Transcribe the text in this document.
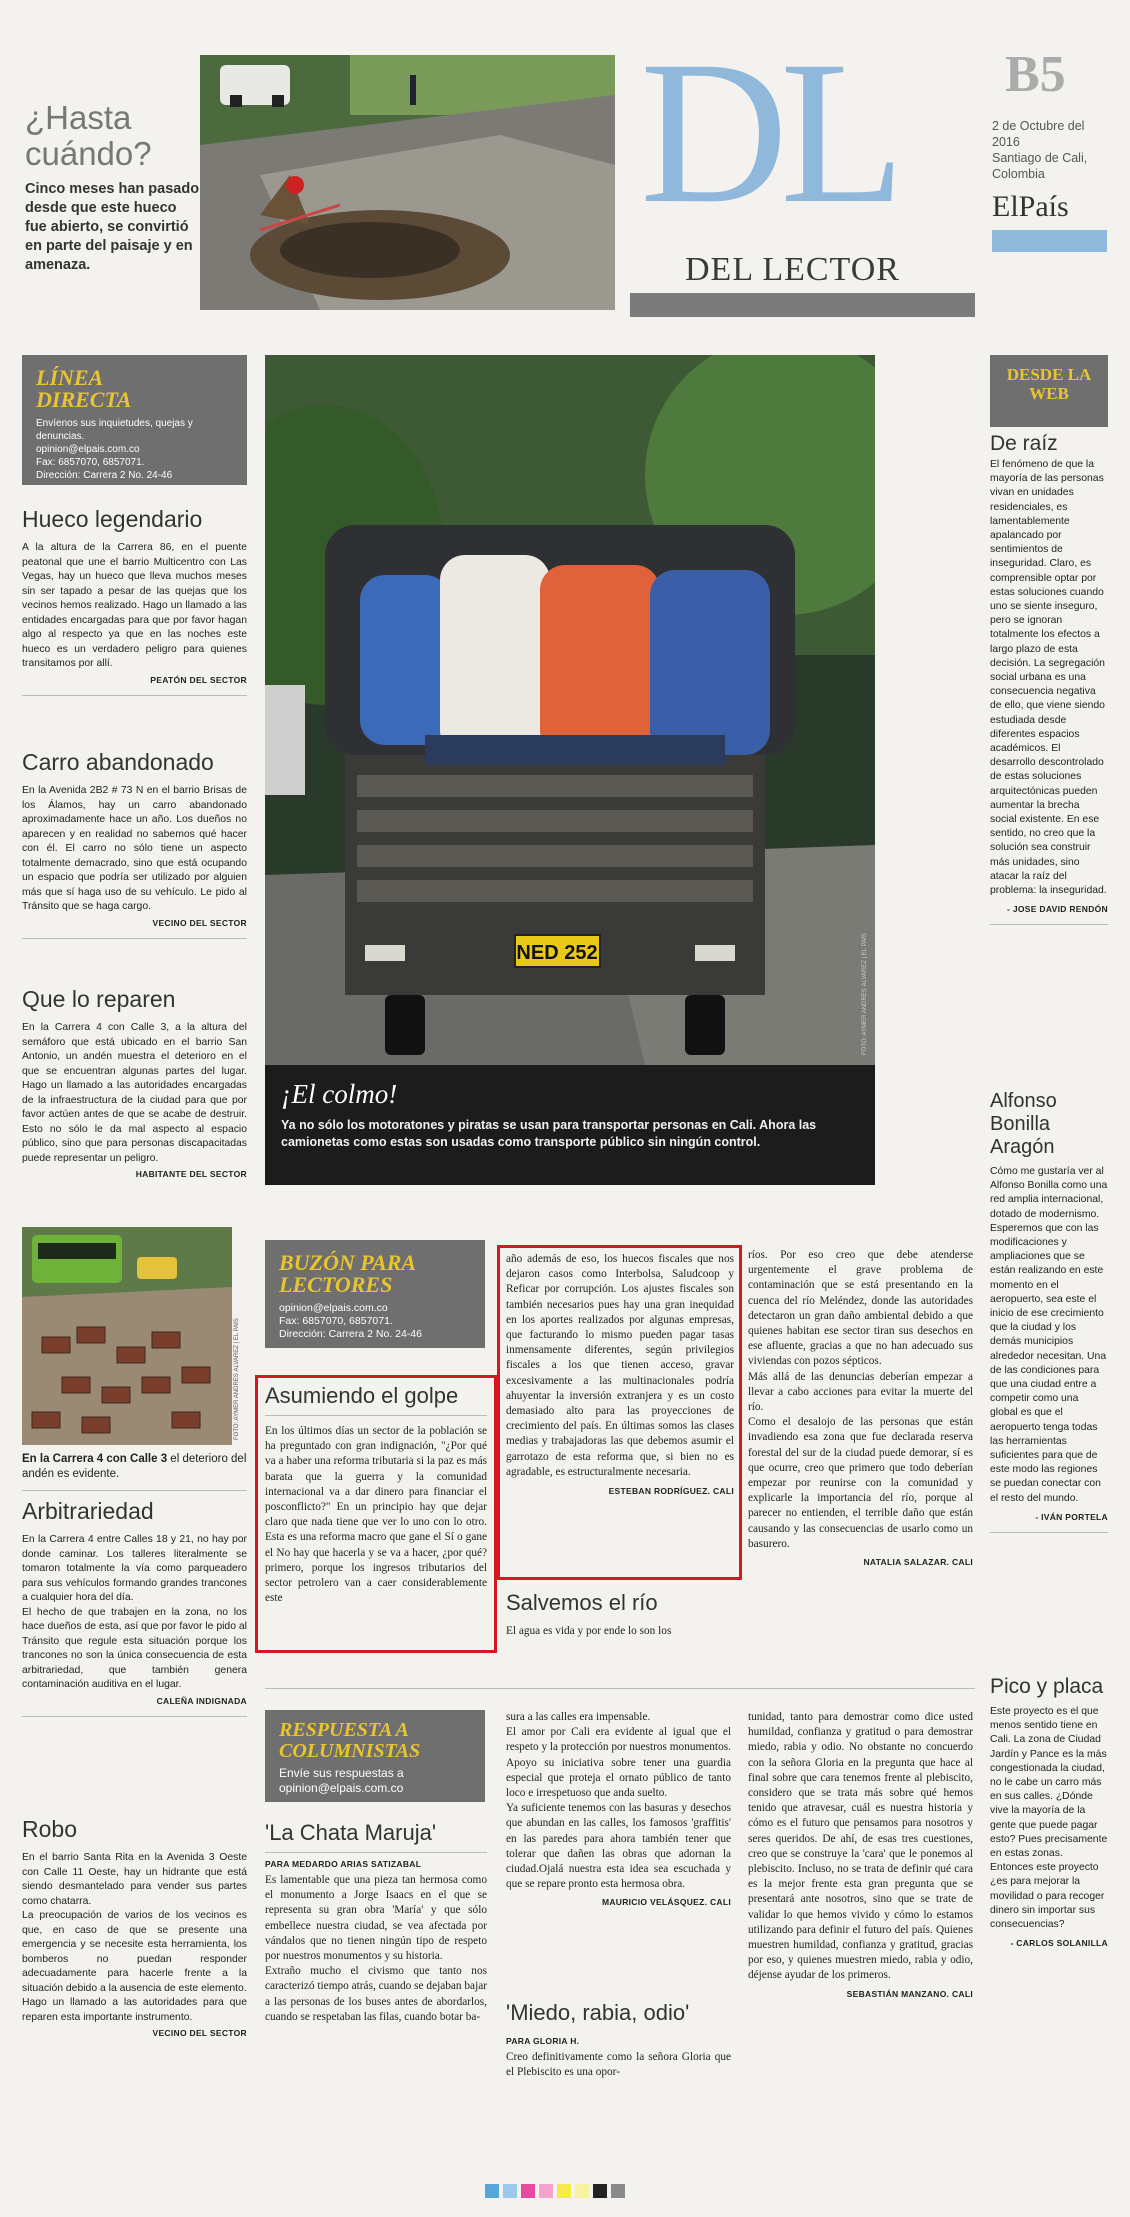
¿Hasta cuándo?
Cinco meses han pasado desde que este hueco fue abierto, se convirtió en parte del paisaje y en amenaza.
DL
DEL LECTOR
B5
2 de Octubre del 2016
Santiago de Cali, Colombia
ElPaís
LÍNEA DIRECTA
Envíenos sus inquietudes, quejas y denuncias.
opinion@elpais.com.co
Fax: 6857070, 6857071.
Dirección: Carrera 2 No. 24-46
Hueco legendario
A la altura de la Carrera 86, en el puente peatonal que une el barrio Multicentro con Las Vegas, hay un hueco que lleva muchos meses sin ser tapado a pesar de las quejas que los vecinos hemos realizado. Hago un llamado a las entidades encargadas para que por favor hagan algo al respecto ya que en las noches este hueco es un verdadero peligro para quienes transitamos por allí.
PEATÓN DEL SECTOR
Carro abandonado
En la Avenida 2B2 # 73 N en el barrio Brisas de los Álamos, hay un carro abandonado aproximadamente hace un año. Los dueños no aparecen y en realidad no sabemos qué hacer con él. El carro no sólo tiene un aspecto totalmente demacrado, sino que está ocupando un espacio que podría ser utilizado por alguien más que sí haga uso de su vehículo. Le pido al Tránsito que se haga cargo.
VECINO DEL SECTOR
Que lo reparen
En la Carrera 4 con Calle 3, a la altura del semáforo que está ubicado en el barrio San Antonio, un andén muestra el deterioro en el que se encuentran algunas partes del lugar. Hago un llamado a las autoridades encargadas de la infraestructura de la ciudad para que por favor actúen antes de que se acabe de destruir. Esto no sólo le da mal aspecto al espacio público, sino que para personas discapacitadas puede representar un peligro.
HABITANTE DEL SECTOR
FOTO: AYMER ANDRÉS ÁLVAREZ | EL PAÍS
En la Carrera 4 con Calle 3 el deterioro del andén es evidente.
Arbitrariedad
En la Carrera 4 entre Calles 18 y 21, no hay por donde caminar. Los talleres literalmente se tomaron totalmente la vía como parqueadero para sus vehículos formando grandes trancones a cualquier hora del día.
El hecho de que trabajen en la zona, no los hace dueños de esta, así que por favor le pido al Tránsito que regule esta situación porque los trancones no son la única consecuencia de esta arbitrariedad, que también genera contaminación auditiva en el lugar.
CALEÑA INDIGNADA
Robo
En el barrio Santa Rita en la Avenida 3 Oeste con Calle 11 Oeste, hay un hidrante que está siendo desmantelado para vender sus partes como chatarra.
La preocupación de varios de los vecinos es que, en caso de que se presente una emergencia y se necesite esta herramienta, los bomberos no puedan responder adecuadamente para hacerle frente a la situación debido a la ausencia de este elemento.
Hago un llamado a las autoridades para que reparen esta importante instrumento.
VECINO DEL SECTOR
NED 252	FOTO: AYMER ANDRÉS ÁLVAREZ | EL PAÍS
¡El colmo!
Ya no sólo los motoratones y piratas se usan para transportar personas en Cali. Ahora las camionetas como estas son usadas como transporte público sin ningún control.
BUZÓN PARA LECTORES
opinion@elpais.com.co
Fax: 6857070, 6857071.
Dirección: Carrera 2 No. 24-46
Asumiendo el golpe
En los últimos días un sector de la población se ha preguntado con gran indignación, "¿Por qué va a haber una reforma tributaria si la paz es más barata que la guerra y la comunidad internacional va a dar dinero para financiar el posconflicto?" En un principio hay que dejar claro que nada tiene que ver lo uno con lo otro. Esta es una reforma macro que gane el Sí o gane el No hay que hacerla y se va a hacer, ¿por qué? primero, porque los ingresos tributarios del sector petrolero van a caer considerablemente este
año además de eso, los huecos fiscales que nos dejaron casos como Interbolsa, Saludcoop y Reficar por corrupción. Los ajustes fiscales son también necesarios pues hay una gran inequidad en los aportes realizados por algunas empresas, que facturando lo mismo pueden pagar tasas inmensamente diferentes, según privilegios fiscales a los que tienen acceso, gravar excesivamente a las multinacionales podría ahuyentar la inversión extranjera y es un costo demasiado alto para las proyecciones de crecimiento del país. En últimas somos las clases medias y trabajadoras las que debemos asumir el garrotazo de esta reforma que, si bien no es agradable, es estructuralmente necesaria.
ESTEBAN RODRÍGUEZ. CALI
Salvemos el río
El agua es vida y por ende lo son los
ríos. Por eso creo que debe atenderse urgentemente el grave problema de contaminación que se está presentando en la cuenca del río Meléndez, donde las autoridades detectaron un gran daño ambiental debido a que quienes habitan ese sector tiran sus desechos en ese afluente, gracias a que no han adecuado sus viviendas con pozos sépticos.
Más allá de las denuncias deberían empezar a llevar a cabo acciones para evitar la muerte del río.
Como el desalojo de las personas que están invadiendo esa zona que fue declarada reserva forestal del sur de la ciudad puede demorar, sí es que ocurre, creo que primero que todo deberían empezar por reunirse con la comunidad y explicarle la importancia del río, porque al parecer no entienden, el terrible daño que están causando y las consecuencias de usarlo como un basurero.
NATALIA SALAZAR. CALI
RESPUESTA A COLUMNISTAS
Envíe sus respuestas a
opinion@elpais.com.co
'La Chata Maruja'
PARA MEDARDO ARIAS SATIZABAL
Es lamentable que una pieza tan hermosa como el monumento a Jorge Isaacs en el que se representa su gran obra 'María' y que sólo embellece nuestra ciudad, se vea afectada por vándalos que no tienen ningún tipo de respeto por nuestros monumentos y su historia.
Extraño mucho el civismo que tanto nos caracterizó tiempo atrás, cuando se dejaban bajar a las personas de los buses antes de abordarlos, cuando se respetaban las filas, cuando botar ba-
sura a las calles era impensable.
El amor por Cali era evidente al igual que el respeto y la protección por nuestros monumentos.
Apoyo su iniciativa sobre tener una guardia especial que proteja el ornato público de tanto loco e irrespetuoso que anda suelto.
Ya suficiente tenemos con las basuras y desechos que abundan en las calles, los famosos 'graffitis' en las paredes para ahora también tener que tolerar que dañen las obras que adornan la ciudad.Ojalá nuestra esta idea sea escuchada y que se repare pronto esta hermosa obra.
MAURICIO VELÁSQUEZ. CALI
'Miedo, rabia, odio'
PARA GLORIA H.
Creo definitivamente como la señora Gloria que el Plebiscito es una opor-
tunidad, tanto para demostrar como dice usted humildad, confianza y gratitud o para demostrar miedo, rabia y odio. No obstante no concuerdo con la señora Gloria en la pregunta que hace al final sobre que cara tenemos frente al plebiscito, considero que se trata más sobre qué hemos tenido que atravesar, cuál es nuestra historia y cómo es el futuro que pensamos para nosotros y seres queridos. De ahí, de esas tres cuestiones, creo que se construye la 'cara' que le ponemos al plebiscito. Incluso, no se trata de definir qué cara es la mejor frente esta gran pregunta que se presentará ante nosotros, sino que se trate de validar lo que hemos vivido y cómo lo estamos utilizando para definir el futuro del país. Quienes muestren humildad, confianza y gratitud, gracias por eso, y quienes muestren miedo, rabia y odio, déjense ayudar de los primeros.
SEBASTIÁN MANZANO. CALI
DESDE LA WEB
De raíz
El fenómeno de que la mayoría de las personas vivan en unidades residenciales, es lamentablemente apalancado por sentimientos de inseguridad. Claro, es comprensible optar por estas soluciones cuando uno se siente inseguro, pero se ignoran totalmente los efectos a largo plazo de esta decisión. La segregación social urbana es una consecuencia negativa de ello, que viene siendo estudiada desde diferentes espacios académicos. El desarrollo descontrolado de estas soluciones arquitectónicas pueden aumentar la brecha social existente. En ese sentido, no creo que la solución sea construir más unidades, sino atacar la raíz del problema: la inseguridad.
- JOSE DAVID RENDÓN
Alfonso Bonilla Aragón
Cómo me gustaría ver al Alfonso Bonilla como una red amplia internacional, dotado de modernismo. Esperemos que con las modificaciones y ampliaciones que se están realizando en este momento en el aeropuerto, sea este el inicio de ese crecimiento que la ciudad y los demás municipios alrededor necesitan. Una de las condiciones para que una ciudad entre a competir como una global es que el aeropuerto tenga todas las herramientas suficientes para que de este modo las regiones se puedan conectar con el resto del mundo.
- IVÁN PORTELA
Pico y placa
Este proyecto es el que menos sentido tiene en Cali. La zona de Ciudad Jardín y Pance es la más congestionada la ciudad, no le cabe un carro más en sus calles. ¿Dónde vive la mayoría de la gente que puede pagar esto? Pues precisamente en estas zonas. Entonces este proyecto ¿es para mejorar la movilidad o para recoger dinero sin importar sus consecuencias?
- CARLOS SOLANILLA
